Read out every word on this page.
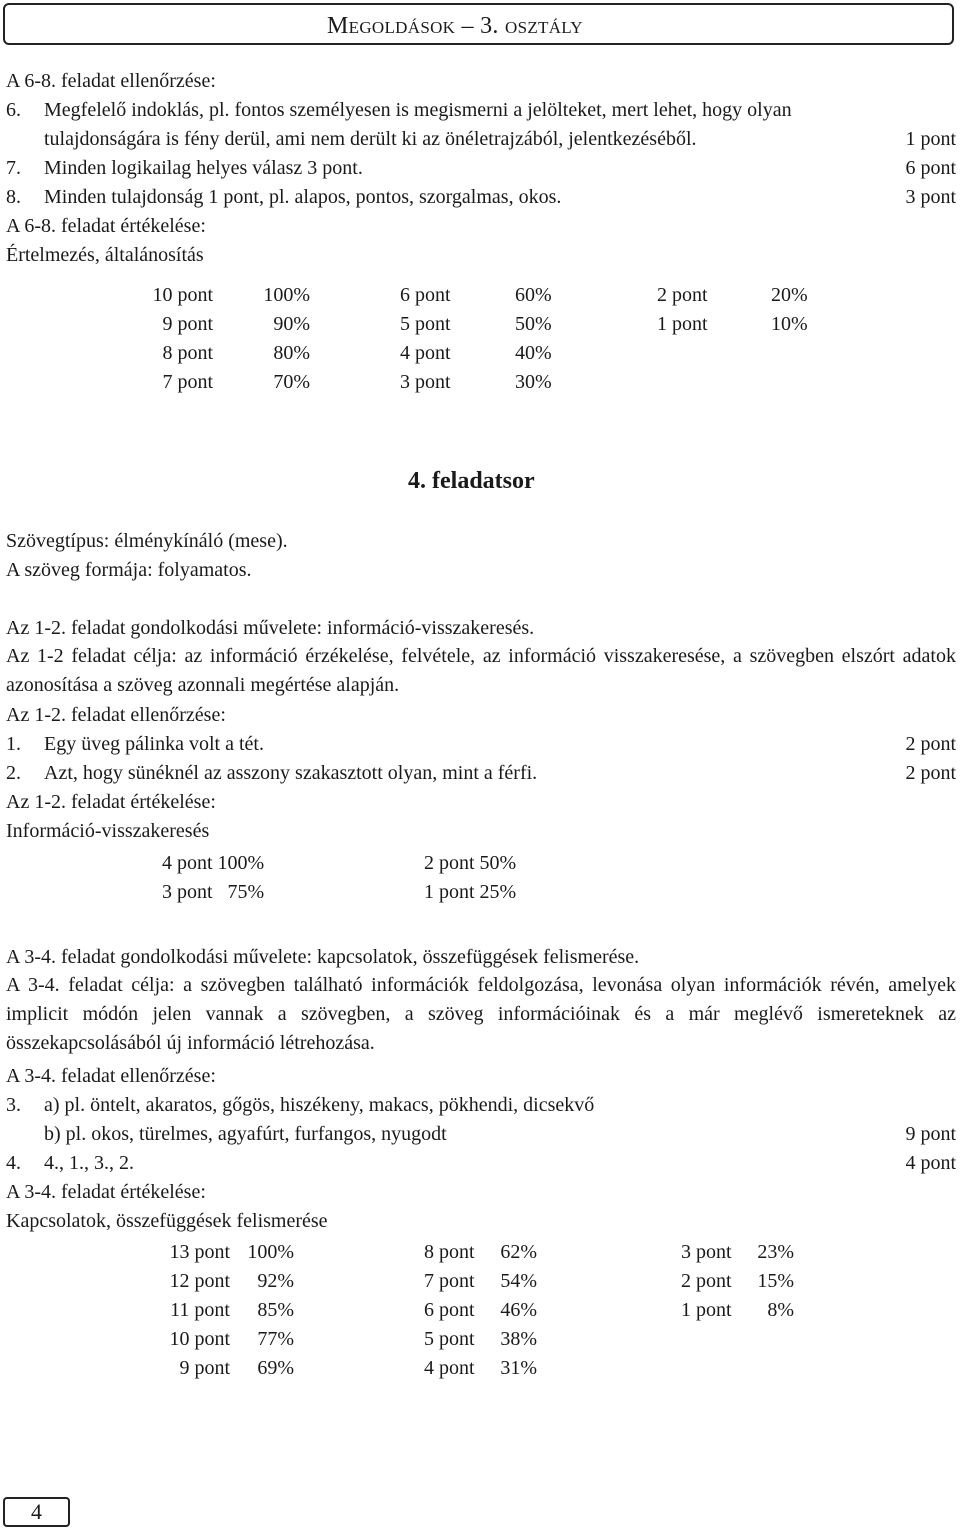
Megoldások – 3. osztály
A 6-8. feladat ellenőrzése:
6. Megfelelő indoklás, pl. fontos személyesen is megismerni a jelölteket, mert lehet, hogy olyan
tulajdonságára is fény derül, ami nem derült ki az önéletrajzából, jelentkezéséből.	1 pont
7. Minden logikailag helyes válasz 3 pont.	6 pont
8. Minden tulajdonság 1 pont, pl. alapos, pontos, szorgalmas, okos.	3 pont
A 6-8. feladat értékelése:
Értelmezés, általánosítás
10 pont	100%	6 pont	60%	2 pont	20%
9 pont	90%	5 pont	50%	1 pont	10%
8 pont	80%	4 pont	40%
7 pont	70%	3 pont	30%
4. feladatsor
Szövegtípus: élménykínáló (mese).
A szöveg formája: folyamatos.
Az 1-2. feladat gondolkodási művelete: információ-visszakeresés.
Az 1-2 feladat célja: az információ érzékelése, felvétele, az információ visszakeresése, a szövegben elszórt adatok azonosítása a szöveg azonnali megértése alapján.
Az 1-2. feladat ellenőrzése:
1. Egy üveg pálinka volt a tét.	2 pont
2. Azt, hogy sünéknél az asszony szakasztott olyan, mint a férfi.	2 pont
Az 1-2. feladat értékelése:
Információ-visszakeresés
4 pont 100%	2 pont 50%
3 pont   75%	1 pont 25%
A 3-4. feladat gondolkodási művelete: kapcsolatok, összefüggések felismerése.
A 3-4. feladat célja: a szövegben található információk feldolgozása, levonása olyan információk révén, amelyek implicit módón jelen vannak a szövegben, a szöveg információinak és a már meglévő ismereteknek az összekapcsolásából új információ létrehozása.
A 3-4. feladat ellenőrzése:
3. a) pl. öntelt, akaratos, gőgös, hiszékeny, makacs, pökhendi, dicsekvő
b) pl. okos, türelmes, agyafúrt, furfangos, nyugodt	9 pont
4. 4., 1., 3., 2.	4 pont
A 3-4. feladat értékelése:
Kapcsolatok, összefüggések felismerése
13 pont 100%	8 pont	62%	3 pont	23%
12 pont	92%	7 pont	54%	2 pont	15%
11 pont	85%	6 pont	46%	1 pont	8%
10 pont	77%	5 pont	38%
9 pont	69%	4 pont	31%
4
